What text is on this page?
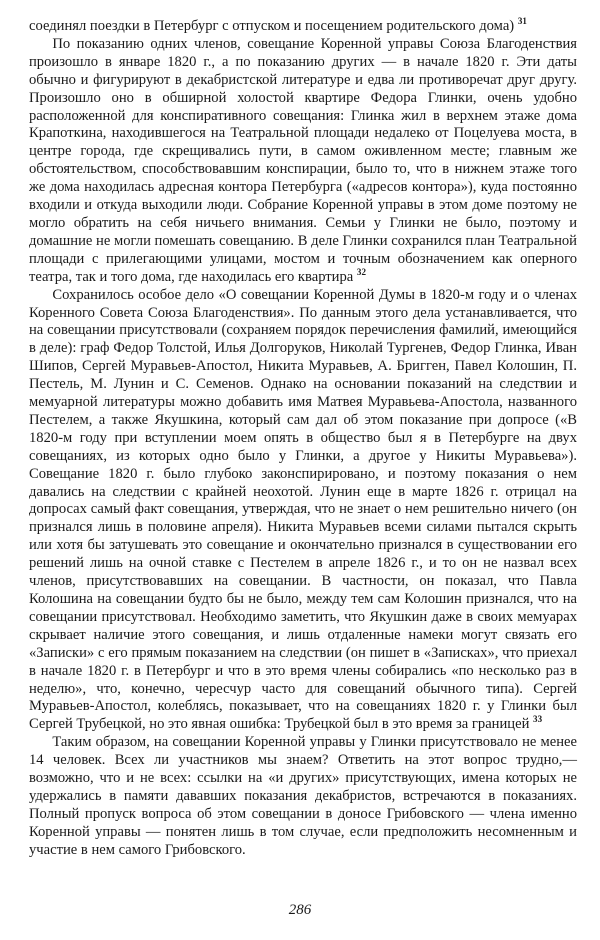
соединял поездки в Петербург с отпуском и посещением родительского дома) $^{31}$

По показанию одних членов, совещание Коренной управы Союза Благоденствия произошло в январе 1820 г., а по показанию других — в начале 1820 г. Эти даты обычно и фигурируют в декабристской литературе и едва ли противоречат друг другу. Произошло оно в обширной холостой квартире Федора Глинки, очень удобно расположенной для конспиративного совещания: Глинка жил в верхнем этаже дома Крапоткина, находившегося на Театральной площади недалеко от Поцелуева моста, в центре города, где скрещивались пути, в самом оживленном месте; главным же обстоятельством, способствовавшим конспирации, было то, что в нижнем этаже того же дома находилась адресная контора Петербурга («адресов контора»), куда постоянно входили и откуда выходили люди. Собрание Коренной управы в этом доме поэтому не могло обратить на себя ничьего внимания. Семьи у Глинки не было, поэтому и домашние не могли помешать совещанию. В деле Глинки сохранился план Театральной площади с прилегающими улицами, мостом и точным обозначением как оперного театра, так и того дома, где находилась его квартира $^{32}$

Сохранилось особое дело «О совещании Коренной Думы в 1820-м году и о членах Коренного Совета Союза Благоденствия». По данным этого дела устанавливается, что на совещании присутствовали (сохраняем порядок перечисления фамилий, имеющийся в деле): граф Федор Толстой, Илья Долгоруков, Николай Тургенев, Федор Глинка, Иван Шипов, Сергей Муравьев-Апостол, Никита Муравьев, А. Бригген, Павел Колошин, П. Пестель, М. Лунин и С. Семенов. Однако на основании показаний на следствии и мемуарной литературы можно добавить имя Матвея Муравьева-Апостола, названного Пестелем, а также Якушкина, который сам дал об этом показание при допросе («В 1820-м году при вступлении моем опять в общество был я в Петербурге на двух совещаниях, из которых одно было у Глинки, а другое у Никиты Муравьева»). Совещание 1820 г. было глубоко законспирировано, и поэтому показания о нем давались на следствии с крайней неохотой. Лунин еще в марте 1826 г. отрицал на допросах самый факт совещания, утверждая, что не знает о нем решительно ничего (он признался лишь в половине апреля). Никита Муравьев всеми силами пытался скрыть или хотя бы затушевать это совещание и окончательно признался в существовании его решений лишь на очной ставке с Пестелем в апреле 1826 г., и то он не назвал всех членов, присутствовавших на совещании. В частности, он показал, что Павла Колошина на совещании будто бы не было, между тем сам Колошин признался, что на совещании присутствовал. Необходимо заметить, что Якушкин даже в своих мемуарах скрывает наличие этого совещания, и лишь отдаленные намеки могут связать его «Записки» с его прямым показанием на следствии (он пишет в «Записках», что приехал в начале 1820 г. в Петербург и что в это время члены собирались «по несколько раз в неделю», что, конечно, чересчур часто для совещаний обычного типа). Сергей Муравьев-Апостол, колеблясь, показывает, что на совещаниях 1820 г. у Глинки был Сергей Трубецкой, но это явная ошибка: Трубецкой был в это время за границей $^{33}$

Таким образом, на совещании Коренной управы у Глинки присутствовало не менее 14 человек. Всех ли участников мы знаем? Ответить на этот вопрос трудно,— возможно, что и не всех: ссылки на «и других» присутствующих, имена которых не удержались в памяти дававших показания декабристов, встречаются в показаниях. Полный пропуск вопроса об этом совещании в доносе Грибовского — члена именно Коренной управы — понятен лишь в том случае, если предположить несомненным и участие в нем самого Грибовского.

286
